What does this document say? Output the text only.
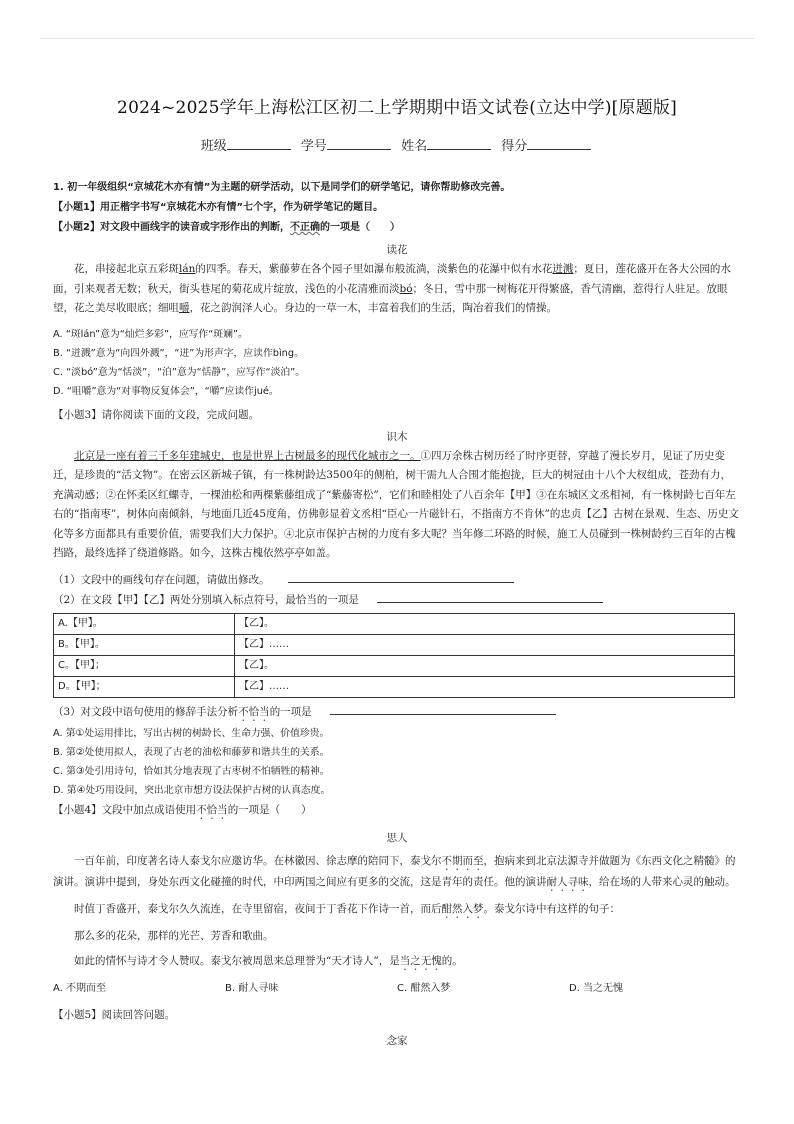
2024~2025学年上海松江区初二上学期期中语文试卷(立达中学)[原题版]
班级	学号	姓名	得分

1. 初一年级组织“京城花木亦有情”为主题的研学活动，以下是同学们的研学笔记，请你帮助修改完善。

【小题1】用正楷字书写“京城花木亦有情”七个字，作为研学笔记的题目。

【小题2】对文段中画线字的读音或字形作出的判断，不正确的一项是（　　）

读花

花，串接起北京五彩斑lán的四季。春天，紫藤萝在各个园子里如瀑布般流淌，淡紫色的花瀑中似有水花迸溅；夏日，莲花盛开在各大公园的水面，引来观者无数；秋天，街头巷尾的菊花成片绽放，浅色的小花清雅而淡bó；冬日，雪中那一树梅花开得繁盛，香气清幽，惹得行人驻足。放眼望，花之美尽收眼底；细咀嚼，花之韵润泽人心。身边的一草一木，丰富着我们的生活，陶冶着我们的情操。

A. “斑lán”意为“灿烂多彩”，应写作“斑斓”。

B. “迸溅”意为“向四外溅”，“迸”为形声字，应读作bìng。

C. “淡bó”意为“恬淡”，“泊”意为“恬静”，应写作“淡泊”。

D. “咀嚼”意为“对事物反复体会”，“嚼”应读作jué。

【小题3】请你阅读下面的文段，完成问题。

识木

北京是一座有着三千多年建城史，也是世界上古树最多的现代化城市之一。①四万余株古树历经了时序更替，穿越了漫长岁月，见证了历史变迁，是珍贵的“活文物”。在密云区新城子镇，有一株树龄达3500年的侧柏，树干需九人合围才能抱拢，巨大的树冠由十八个大杈组成，苍劲有力，充满动感；②在怀柔区红螺寺，一棵油松和两棵紫藤组成了“紫藤寄松”，它们和睦相处了八百余年【甲】③在东城区文丞相祠，有一株树龄七百年左右的“指南枣”，树体向南倾斜，与地面几近45度角，仿佛彰显着文丞相“臣心一片磁针石，不指南方不肯休”的忠贞【乙】古树在景观、生态、历史文化等多方面都具有重要价值，需要我们大力保护。④北京市保护古树的力度有多大呢？当年修二环路的时候，施工人员碰到一株树龄约三百年的古槐挡路，最终选择了绕道修路。如今，这株古槐依然亭亭如盖。

（1）文段中的画线句存在问题，请做出修改。

（2）在文段【甲】【乙】两处分别填入标点符号，最恰当的一项是

A.【甲】。	【乙】。
B。【甲】。	【乙】……
C。【甲】；	【乙】。
D。【甲】；	【乙】……

（3）对文段中语句使用的修辞手法分析不恰当的一项是

A. 第①处运用排比，写出古树的树龄长、生命力强、价值珍贵。

B. 第②处使用拟人，表现了古老的油松和藤萝和谐共生的关系。

C. 第③处引用诗句，恰如其分地表现了古枣树不怕牺牲的精神。

D. 第④处巧用设问，突出北京市想方设法保护古树的认真态度。

【小题4】文段中加点成语使用不恰当的一项是（　　）

思人

一百年前，印度著名诗人泰戈尔应邀访华。在林徽因、徐志摩的陪同下，泰戈尔不期而至，抱病来到北京法源寺并做题为《东西文化之精髓》的演讲。演讲中提到，身处东西文化碰撞的时代，中印两国之间应有更多的交流，这是青年的责任。他的演讲耐人寻味，给在场的人带来心灵的触动。

时值丁香盛开，泰戈尔久久流连，在寺里留宿，夜间于丁香花下作诗一首，而后酣然入梦。泰戈尔诗中有这样的句子：

那么多的花朵，那样的光芒、芳香和歌曲。

如此的情怀与诗才令人赞叹。泰戈尔被周恩来总理誉为“天才诗人”，是当之无愧的。

A. 不期而至	B. 耐人寻味	C. 酣然入梦	D. 当之无愧

【小题5】阅读回答问题。

念家
